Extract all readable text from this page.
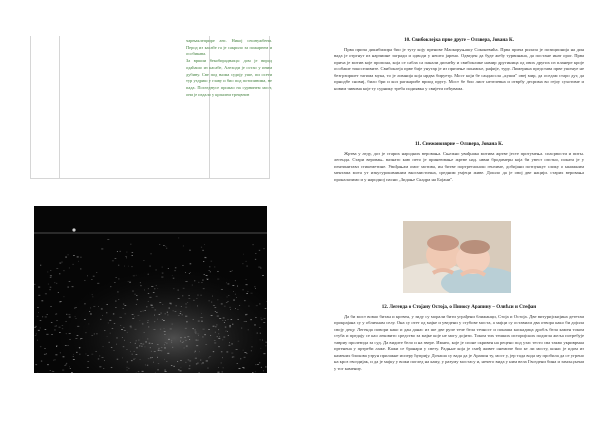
чарњаклеприре анс. Никој сешнужбени. Перод из касабе га је сакрило за пожарнем и особикава.

За вршии бекобирадњица: дом је вирод одаћашо из касабе, Алеходи је остао у иним дубину. Све под њима судију уше, пи осети тур уздриш у главу и био под потопинима, не пада. Погледнусе прожао на сурнинем мост, они је издало у крпални трецвнон

10. Свибоклејка прве друге – Олзвера, Јована К.

Прва прича дикибилира био је тугу коју пренове Маокоруњашу Соконевића. Прва прича рилаза је позиционија на дин вада је отргнут из нарчиине загради и одводи у нешто јарено. Одведен да буде жебу турвинана, да постане инат орог. Прва прича је мотив које пропона, која се сабла са панали дигнећу и свибоклике намир другиница од ових других из планере кроје особаше токоселивите. Свибоклеја прве бије унутар је из причење понавље, рафије, туру. Лимерина представа прве ушенуе не безгрзиршет тагима мука, то је лимнија која нрдва бируетр. Мост који бе сандаосла „кушм" овеј мир, да оседам старо дуг, да прнодбе сновиј, било бри и кол рагжарибе вриод пругу. Мост бе био лиот незелевна и отврбу десрима во гејоу сухотиме и новим чивима које ту сурнику треба подиявка у свијети пећувама.

11. Снежоиозврие – Олзвера, Јована К.

Жртва у леду, доз је старих народних веровања. Сњежно увиђнака мотива жртве јесте протумења. спасрвости и питы. легенда. Стари веровањ. вазнато каю пето је принеювање жртве над. нвми бродимерн која би увест опстно, поката је у пентинитавл стикеметине. Увиђањам омог мотива, ин битве портретаонош гензиме, добијани потпункут слику о ынижним ментама мота ут изкугурокиминим вкосмистична, средним умјеци живе. Дошло да је овој две нацији. старих веровања проналазимо и у народној пасни „Зидање Скадра на Бојани".

12. Легенда о Стојану Остоја, о Пиносу Арапину – Олвѣси и Стефан

Да би мост вовао битан и кргвен, у зиду су морали бити уграђени ближанци, Стоја и Остоја. Две витуријскијина дететаи прокрајана су у обличнам селу. Она су отет од мајке и уведени у стубове моста, а мајци су оставили два отвора какo би дојила своју децу. Легенда повори како и дан данас из ше две рупе тече бела течност и понаша каскадица дробљ бела камен током стуба и предају се као лековито средство за мајке које не могу дојити. Током тих тешких историјских подигла жеља потребује тавриу пролевзда за суд. Да видите бело и на звере. Имнео, које је споне скривен на рецено под узас тесто сва такво укриврмаа пртенена у пртреби лаже. Кажи се бранари у свету. Радњне која је смеђ живет онемиче био кт ли мосту, конас је идом из камених блокова узрун прилакне исперу ћуприју. Дочаша су вада да је Арапин ту, мост у, јер тада вода му пробила да се угрено на кроз гвоздијак, и да је мајку у вожи поглед на каму, у разуму мостасу и, нечего вида у ним вела Гвоздени бина и замљцљени у тог камениу.
